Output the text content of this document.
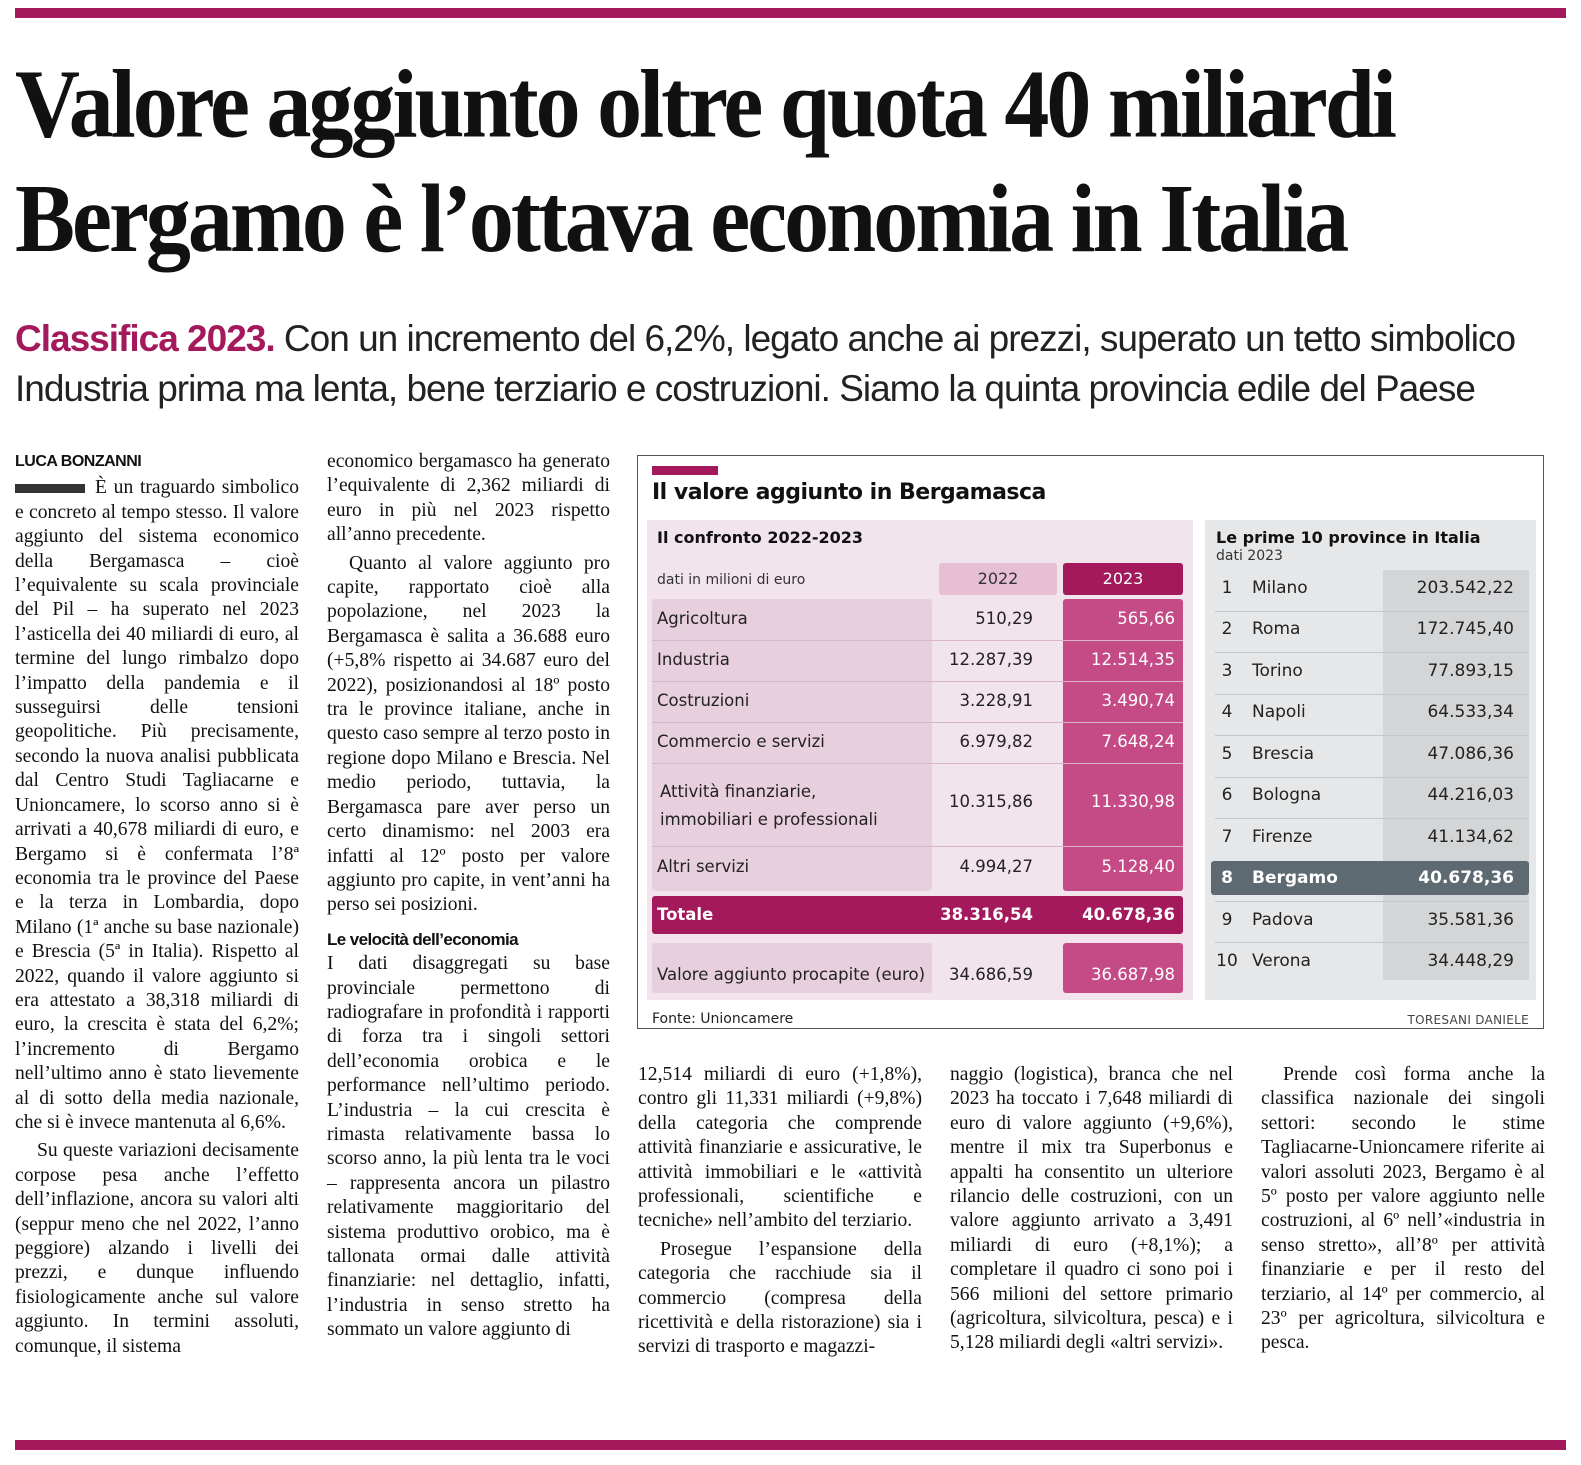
Valore aggiunto oltre quota 40 miliardi
Bergamo è l’ottava economia in Italia
Classifica 2023. Con un incremento del 6,2%, legato anche ai prezzi, superato un tetto simbolico
Industria prima ma lenta, bene terziario e costruzioni. Siamo la quinta provincia edile del Paese
LUCA BONZANNI

È un traguardo simbolico e concreto al tempo stesso. Il valore aggiunto del sistema economico della Bergamasca – cioè l’equivalente su scala provinciale del Pil – ha superato nel 2023 l’asticella dei 40 miliardi di euro, al termine del lungo rimbalzo dopo l’impatto della pandemia e il susseguirsi delle tensioni geopolitiche. Più precisamente, secondo la nuova analisi pubblicata dal Centro Studi Tagliacarne e Unioncamere, lo scorso anno si è arrivati a 40,678 miliardi di euro, e Bergamo si è confermata l’8ª economia tra le province del Paese e la terza in Lombardia, dopo Milano (1ª anche su base nazionale) e Brescia (5ª in Italia). Rispetto al 2022, quando il valore aggiunto si era attestato a 38,318 miliardi di euro, la crescita è stata del 6,2%; l’incremento di Bergamo nell’ultimo anno è stato lievemente al di sotto della media nazionale, che si è invece mantenuta al 6,6%.

Su queste variazioni decisamente corpose pesa anche l’effetto dell’inflazione, ancora su valori alti (seppur meno che nel 2022, l’anno peggiore) alzando i livelli dei prezzi, e dunque influendo fisiologicamente anche sul valore aggiunto. In termini assoluti, comunque, il sistema

economico bergamasco ha generato l’equivalente di 2,362 miliardi di euro in più nel 2023 rispetto all’anno precedente.

Quanto al valore aggiunto pro capite, rapportato cioè alla popolazione, nel 2023 la Bergamasca è salita a 36.688 euro (+5,8% rispetto ai 34.687 euro del 2022), posizionandosi al 18º posto tra le province italiane, anche in questo caso sempre al terzo posto in regione dopo Milano e Brescia. Nel medio periodo, tuttavia, la Bergamasca pare aver perso un certo dinamismo: nel 2003 era infatti al 12º posto per valore aggiunto pro capite, in vent’anni ha perso sei posizioni.

Le velocità dell’economia

I dati disaggregati su base provinciale permettono di radiografare in profondità i rapporti di forza tra i singoli settori dell’economia orobica e le performance nell’ultimo periodo. L’industria – la cui crescita è rimasta relativamente bassa lo scorso anno, la più lenta tra le voci – rappresenta ancora un pilastro relativamente maggioritario del sistema produttivo orobico, ma è tallonata ormai dalle attività finanziarie: nel dettaglio, infatti, l’industria in senso stretto ha sommato un valore aggiunto di

12,514 miliardi di euro (+1,8%), contro gli 11,331 miliardi (+9,8%) della categoria che comprende attività finanziarie e assicurative, le attività immobiliari e le «attività professionali, scientifiche e tecniche» nell’ambito del terziario.

Prosegue l’espansione della categoria che racchiude sia il commercio (compresa della ricettività e della ristorazione) sia i servizi di trasporto e magazzi-

naggio (logistica), branca che nel 2023 ha toccato i 7,648 miliardi di euro di valore aggiunto (+9,6%), mentre il mix tra Superbonus e appalti ha consentito un ulteriore rilancio delle costruzioni, con un valore aggiunto arrivato a 3,491 miliardi di euro (+8,1%); a completare il quadro ci sono poi i 566 milioni del settore primario (agricoltura, silvicoltura, pesca) e i 5,128 miliardi degli «altri servizi».

Prende così forma anche la classifica nazionale dei singoli settori: secondo le stime Tagliacarne-Unioncamere riferite ai valori assoluti 2023, Bergamo è al 5º posto per valore aggiunto nelle costruzioni, al 6º nell’«industria in senso stretto», all’8º per attività finanziarie e per il resto del terziario, al 14º per commercio, al 23º per agricoltura, silvicoltura e pesca.

Il valore aggiunto in Bergamasca
Il confronto 2022-2023
dati in milioni di euro	2022	2023
Agricoltura	510,29	565,66
Industria	12.287,39	12.514,35
Costruzioni	3.228,91	3.490,74
Commercio e servizi	6.979,82	7.648,24
Attività finanziarie,
immobiliari e professionali
10.315,86	11.330,98
Altri servizi	4.994,27	5.128,40
Totale	38.316,54	40.678,36
Valore aggiunto procapite (euro) 34.686,59	36.687,98
Le prime 10 province in Italia
dati 2023
1	Milano	203.542,22
2	Roma	172.745,40
3	Torino	77.893,15
4	Napoli	64.533,34
5	Brescia	47.086,36
6	Bologna	44.216,03
7	Firenze	41.134,62
8	Bergamo	40.678,36
9	Padova	35.581,36
10 Verona	34.448,29
Fonte: Unioncamere	TORESANI DANIELE
